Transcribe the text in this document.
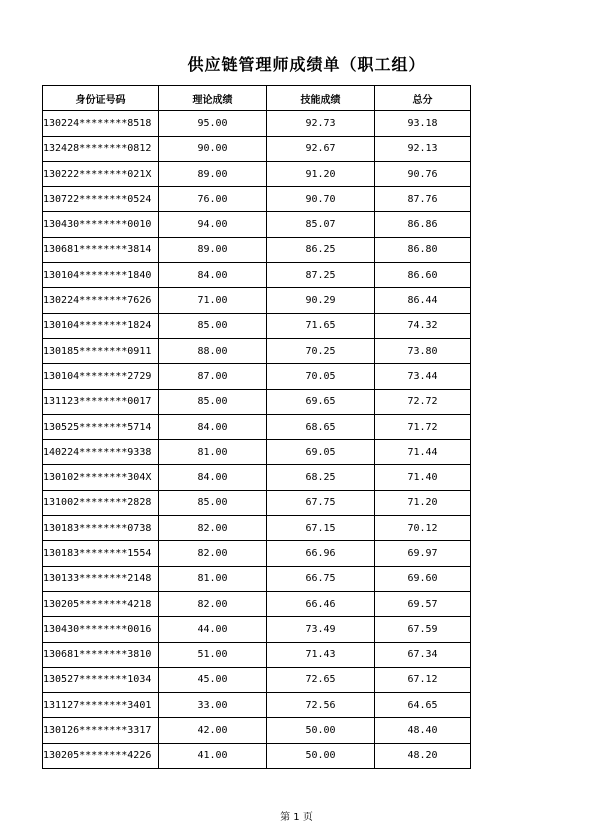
供应链管理师成绩单（职工组）
身份证号码	理论成绩	技能成绩	总分
130224********8518	95.00	92.73	93.18
132428********0812	90.00	92.67	92.13
130222********021X	89.00	91.20	90.76
130722********0524	76.00	90.70	87.76
130430********0010	94.00	85.07	86.86
130681********3814	89.00	86.25	86.80
130104********1840	84.00	87.25	86.60
130224********7626	71.00	90.29	86.44
130104********1824	85.00	71.65	74.32
130185********0911	88.00	70.25	73.80
130104********2729	87.00	70.05	73.44
131123********0017	85.00	69.65	72.72
130525********5714	84.00	68.65	71.72
140224********9338	81.00	69.05	71.44
130102********304X	84.00	68.25	71.40
131002********2828	85.00	67.75	71.20
130183********0738	82.00	67.15	70.12
130183********1554	82.00	66.96	69.97
130133********2148	81.00	66.75	69.60
130205********4218	82.00	66.46	69.57
130430********0016	44.00	73.49	67.59
130681********3810	51.00	71.43	67.34
130527********1034	45.00	72.65	67.12
131127********3401	33.00	72.56	64.65
130126********3317	42.00	50.00	48.40
130205********4226	41.00	50.00	48.20
第 1 页
